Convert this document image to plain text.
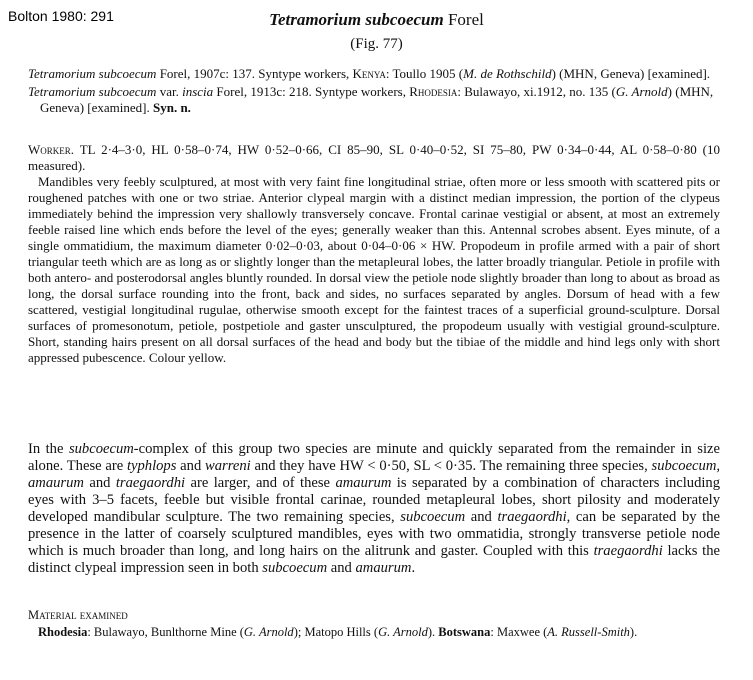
Bolton 1980: 291	Tetramorium subcoecum Forel
(Fig. 77)

Tetramorium subcoecum Forel, 1907c: 137. Syntype workers, Kenya: Toullo 1905 (M. de Rothschild) (MHN, Geneva) [examined].

Tetramorium subcoecum var. inscia Forel, 1913c: 218. Syntype workers, Rhodesia: Bulawayo, xi.1912, no. 135 (G. Arnold) (MHN, Geneva) [examined]. Syn. n.

Worker. TL 2·4–3·0, HL 0·58–0·74, HW 0·52–0·66, CI 85–90, SL 0·40–0·52, SI 75–80, PW 0·34–0·44, AL 0·58–0·80 (10 measured).

Mandibles very feebly sculptured, at most with very faint fine longitudinal striae, often more or less smooth with scattered pits or roughened patches with one or two striae. Anterior clypeal margin with a distinct median impression, the portion of the clypeus immediately behind the impression very shallowly transversely concave. Frontal carinae vestigial or absent, at most an extremely feeble raised line which ends before the level of the eyes; generally weaker than this. Antennal scrobes absent. Eyes minute, of a single ommatidium, the maximum diameter 0·02–0·03, about 0·04–0·06 × HW. Propodeum in profile armed with a pair of short triangular teeth which are as long as or slightly longer than the metapleural lobes, the latter broadly triangular. Petiole in profile with both antero- and posterodorsal angles bluntly rounded. In dorsal view the petiole node slightly broader than long to about as broad as long, the dorsal surface rounding into the front, back and sides, no surfaces separated by angles. Dorsum of head with a few scattered, vestigial longitudinal rugulae, otherwise smooth except for the faintest traces of a superficial ground-sculpture. Dorsal surfaces of promesonotum, petiole, postpetiole and gaster unsculptured, the propodeum usually with vestigial ground-sculpture. Short, standing hairs present on all dorsal surfaces of the head and body but the tibiae of the middle and hind legs only with short appressed pubescence. Colour yellow.

In the subcoecum-complex of this group two species are minute and quickly separated from the remainder in size alone. These are typhlops and warreni and they have HW < 0·50, SL < 0·35. The remaining three species, subcoecum, amaurum and traegaordhi are larger, and of these amaurum is separated by a combination of characters including eyes with 3–5 facets, feeble but visible frontal carinae, rounded metapleural lobes, short pilosity and moderately developed mandibular sculpture. The two remaining species, subcoecum and traegaordhi, can be separated by the presence in the latter of coarsely sculptured mandibles, eyes with two ommatidia, strongly transverse petiole node which is much broader than long, and long hairs on the alitrunk and gaster. Coupled with this traegaordhi lacks the distinct clypeal impression seen in both subcoecum and amaurum.

Material examined

Rhodesia: Bulawayo, Bunlthorne Mine (G. Arnold); Matopo Hills (G. Arnold). Botswana: Maxwee (A. Russell-Smith).
